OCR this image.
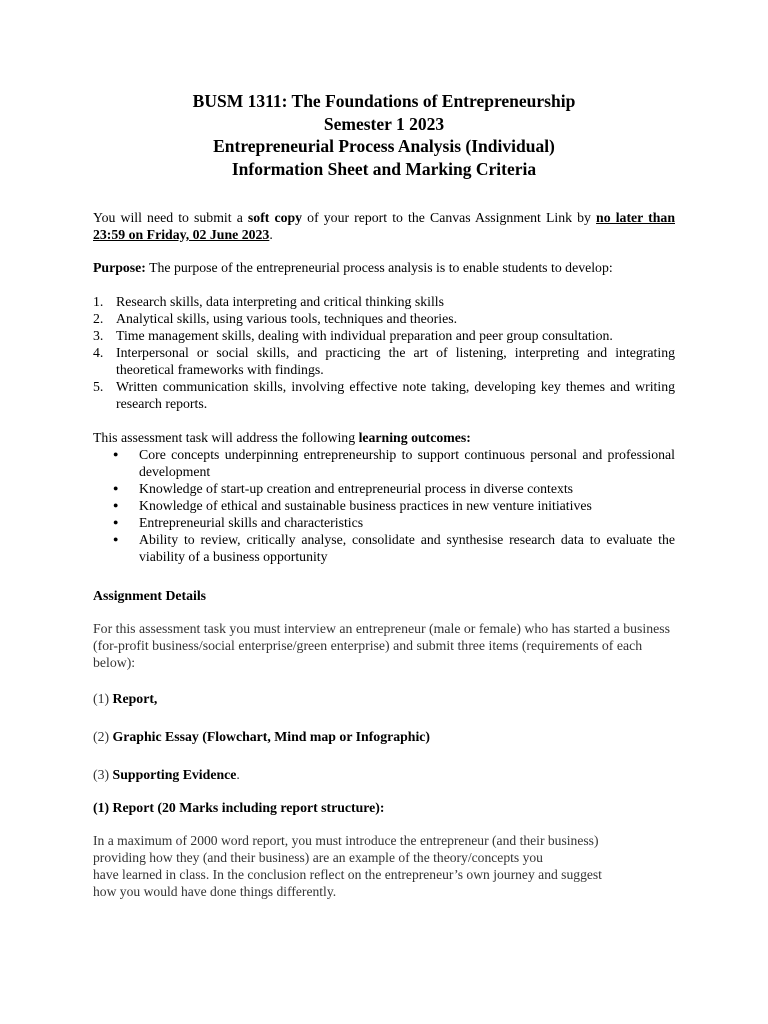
BUSM 1311: The Foundations of Entrepreneurship
Semester 1 2023
Entrepreneurial Process Analysis (Individual)
Information Sheet and Marking Criteria

You will need to submit a soft copy of your report to the Canvas Assignment Link by no later than 23:59 on Friday, 02 June 2023.

Purpose: The purpose of the entrepreneurial process analysis is to enable students to develop:

1. Research skills, data interpreting and critical thinking skills
2. Analytical skills, using various tools, techniques and theories.
3. Time management skills, dealing with individual preparation and peer group consultation.
4. Interpersonal or social skills, and practicing the art of listening, interpreting and integrating theoretical frameworks with findings.
5. Written communication skills, involving effective note taking, developing key themes and writing research reports.

This assessment task will address the following learning outcomes:

●	Core concepts underpinning entrepreneurship to support continuous personal and professional development
●	Knowledge of start-up creation and entrepreneurial process in diverse contexts
●	Knowledge of ethical and sustainable business practices in new venture initiatives
●	Entrepreneurial skills and characteristics
●	Ability to review, critically analyse, consolidate and synthesise research data to evaluate the viability of a business opportunity

Assignment Details

For this assessment task you must interview an entrepreneur (male or female) who has started a business (for-profit business/social enterprise/green enterprise) and submit three items (requirements of each below):

(1) Report,

(2) Graphic Essay (Flowchart, Mind map or Infographic)

(3) Supporting Evidence.

(1) Report (20 Marks including report structure):

In a maximum of 2000 word report, you must introduce the entrepreneur (and their business)
providing how they (and their business) are an example of the theory/concepts you
have learned in class. In the conclusion reflect on the entrepreneur’s own journey and suggest
how you would have done things differently.
